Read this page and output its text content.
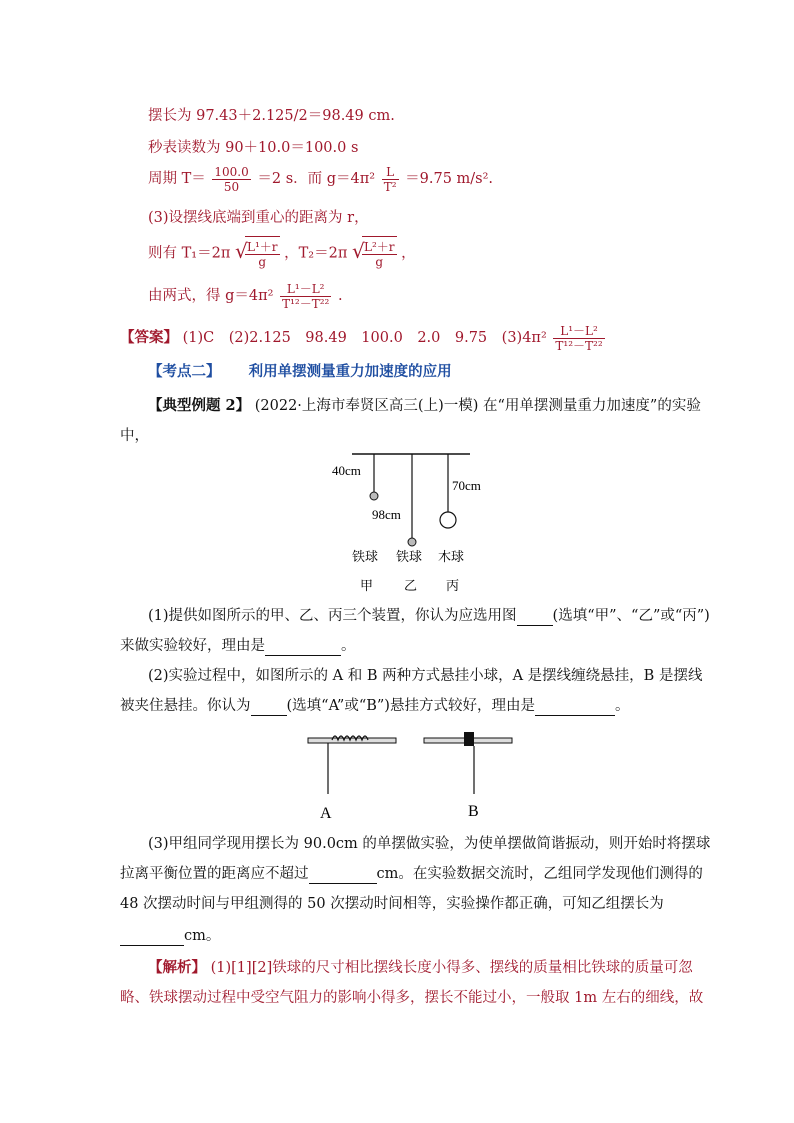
摆长为 97.43＋2.125/2＝98.49 cm.
秒表读数为 90＋10.0＝100.0 s
周期 $T= \frac{100.0}{50} =2$ s．而 $g=4\pi^2 \frac{L}{\text{T²}} =9.75$ m/s².
(3)设摆线底端到重心的距离为 r，
则有 T₁＝2π √
$\frac{\text{L¹＋r}}{g}$ ，T₂＝2π √
$\frac{\text{L²＋r}}{g}$ ，
由两式，得 $g=4\pi^2 \frac{\text{L¹－L²}}{\text{T¹²－T²²}}$ .
【答案】 (1)C　(2)2.125　98.49　100.0　2.0　9.75　$(3)4\pi^2 \frac{\text{L¹－L²}}{\text{T¹²－T²²}}$
【考点二】 利用单摆测量重力加速度的应用
【典型例题 2】 (2022·上海市奉贤区高三(上)一模) 在“用单摆测量重力加速度”的实验
中，
40cm
98cm
70cm
铁球 铁球 木球
甲 乙 丙
(1)提供如图所示的甲、乙、丙三个装置，你认为应选用图 (选填“甲”、“乙”或“丙”)
来做实验较好，理由是	。
(2)实验过程中，如图所示的 A 和 B 两种方式悬挂小球，A 是摆线缠绕悬挂，B 是摆线
被夹住悬挂。你认为 (选填“A”或“B”)悬挂方式较好，理由是	。
A	B
(3)甲组同学现用摆长为 90.0cm 的单摆做实验，为使单摆做简谐振动，则开始时将摆球
拉离平衡位置的距离应不超过	cm。在实验数据交流时，乙组同学发现他们测得的
48 次摆动时间与甲组测得的 50 次摆动时间相等，实验操作都正确，可知乙组摆长为
cm。
【解析】 (1)[1][2]铁球的尺寸相比摆线长度小得多、摆线的质量相比铁球的质量可忽
略、铁球摆动过程中受空气阻力的影响小得多，摆长不能过小，一般取 1m 左右的细线，故
